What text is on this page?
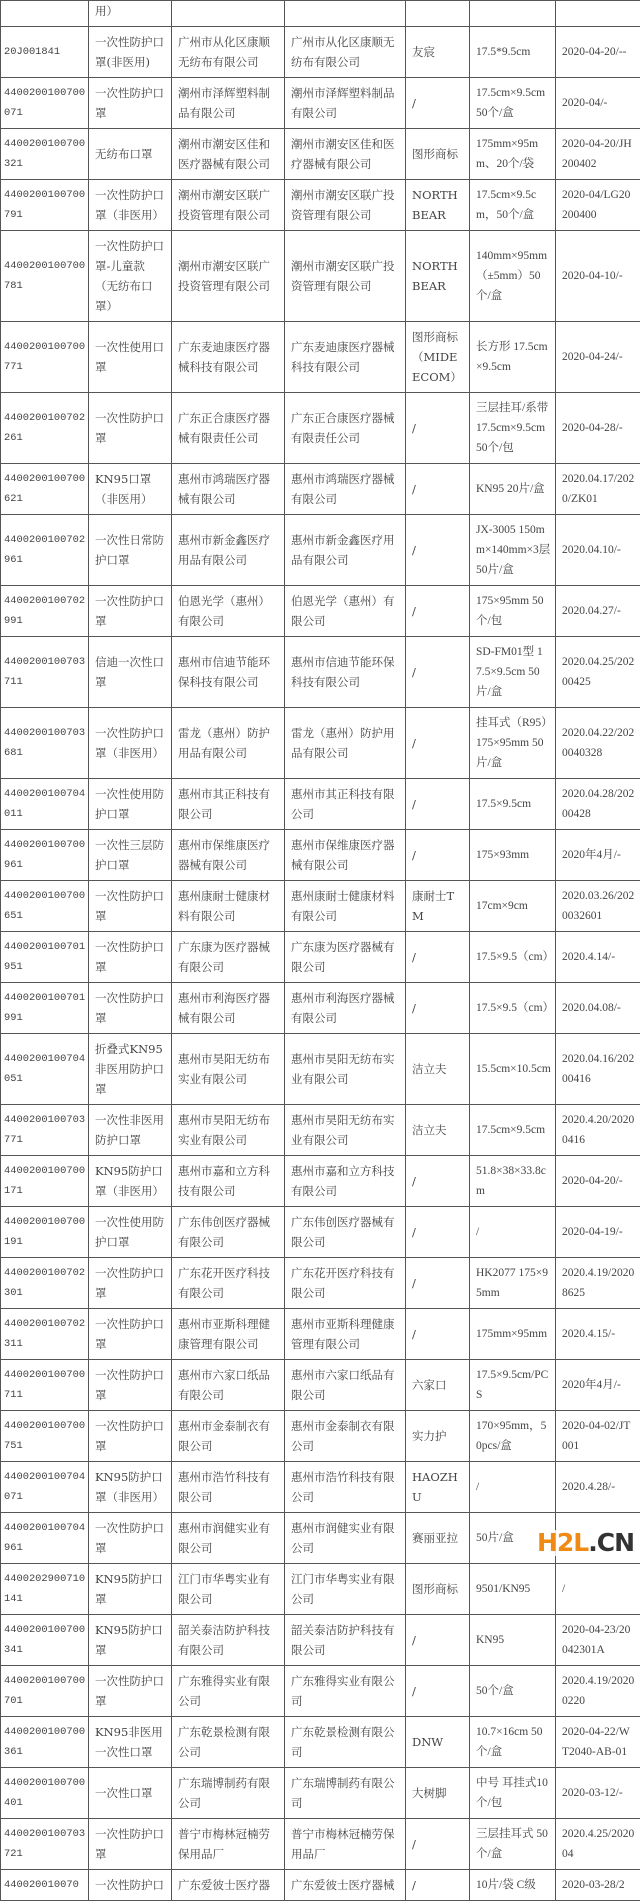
	用）					
20J001841	一次性防护口罩(非医用)	广州市从化区康顺无纺布有限公司	广州市从化区康顺无纺布有限公司	友宸	17.5*9.5cm	2020-04-20/--
4400200100700071	一次性防护口罩	潮州市泽辉塑料制品有限公司	潮州市泽辉塑料制品有限公司	/	17.5cm×9.5cm 50个/盒	2020-04/-
4400200100700321	无纺布口罩	潮州市潮安区佳和医疗器械有限公司	潮州市潮安区佳和医疗器械有限公司	图形商标	175mm×95mm、20个/袋	2020-04-20/JH200402
4400200100700791	一次性防护口罩（非医用）	潮州市潮安区联广投资管理有限公司	潮州市潮安区联广投资管理有限公司	NORTHBEAR	17.5cm×9.5cm，50个/盒	2020-04/LG20200400
4400200100700781	一次性防护口罩-儿童款（无纺布口罩）	潮州市潮安区联广投资管理有限公司	潮州市潮安区联广投资管理有限公司	NORTHBEAR	140mm×95mm（±5mm）50个/盒	2020-04-10/-
4400200100700771	一次性使用口罩	广东麦迪康医疗器械科技有限公司	广东麦迪康医疗器械科技有限公司	图形商标（MIDEECOM）	长方形 17.5cm×9.5cm	2020-04-24/-
4400200100702261	一次性防护口罩	广东正合康医疗器械有限责任公司	广东正合康医疗器械有限责任公司	/	三层挂耳/系带 17.5cm×9.5cm 50个/包	2020-04-28/-
4400200100700621	KN95口罩（非医用）	惠州市鸿瑞医疗器械有限公司	惠州市鸿瑞医疗器械有限公司	/	KN95 20片/盒	2020.04.17/2020/ZK01
4400200100702961	一次性日常防护口罩	惠州市新金鑫医疗用品有限公司	惠州市新金鑫医疗用品有限公司	/	JX-3005 150mm×140mm×3层 50片/盒	2020.04.10/-
4400200100702991	一次性防护口罩	伯恩光学（惠州）有限公司	伯恩光学（惠州）有限公司	/	175×95mm 50个/包	2020.04.27/-
4400200100703711	信迪一次性口罩	惠州市信迪节能环保科技有限公司	惠州市信迪节能环保科技有限公司	/	SD-FM01型 17.5×9.5cm 50片/盒	2020.04.25/20200425
4400200100703681	一次性防护口罩（非医用）	雷龙（惠州）防护用品有限公司	雷龙（惠州）防护用品有限公司	/	挂耳式（R95）175×95mm 50片/盒	2020.04.22/2020040328
4400200100704011	一次性使用防护口罩	惠州市其正科技有限公司	惠州市其正科技有限公司	/	17.5×9.5cm	2020.04.28/20200428
4400200100700961	一次性三层防护口罩	惠州市保维康医疗器械有限公司	惠州市保维康医疗器械有限公司	/	175×93mm	2020年4月/-
4400200100700651	一次性防护口罩	惠州康耐士健康材料有限公司	惠州康耐士健康材料有限公司	康耐士TM	17cm×9cm	2020.03.26/2020032601
4400200100701951	一次性防护口罩	广东康为医疗器械有限公司	广东康为医疗器械有限公司	/	17.5×9.5（cm）	2020.4.14/-
4400200100701991	一次性防护口罩	惠州市利海医疗器械有限公司	惠州市利海医疗器械有限公司	/	17.5×9.5（cm）	2020.04.08/-
4400200100704051	折叠式KN95非医用防护口罩	惠州市昊阳无纺布实业有限公司	惠州市昊阳无纺布实业有限公司	洁立夫	15.5cm×10.5cm	2020.04.16/20200416
4400200100703771	一次性非医用防护口罩	惠州市昊阳无纺布实业有限公司	惠州市昊阳无纺布实业有限公司	洁立夫	17.5cm×9.5cm	2020.4.20/20200416
4400200100700171	KN95防护口罩（非医用）	惠州市嘉和立方科技有限公司	惠州市嘉和立方科技有限公司	/	51.8×38×33.8cm	2020-04-20/-
4400200100700191	一次性使用防护口罩	广东伟创医疗器械有限公司	广东伟创医疗器械有限公司	/	/	2020-04-19/-
4400200100702301	一次性防护口罩	广东花开医疗科技有限公司	广东花开医疗科技有限公司	/	HK2077 175×95mm	2020.4.19/20208625
4400200100702311	一次性防护口罩	惠州市亚斯科理健康管理有限公司	惠州市亚斯科理健康管理有限公司	/	175mm×95mm	2020.4.15/-
4400200100700711	一次性防护口罩	惠州市六家口纸品有限公司	惠州市六家口纸品有限公司	六家口	17.5×9.5cm/PCS	2020年4月/-
4400200100700751	一次性防护口罩	惠州市金泰制衣有限公司	惠州市金泰制衣有限公司	实力护	170×95mm，50pcs/盒	2020-04-02/JT001
4400200100704071	KN95防护口罩（非医用）	惠州市浩竹科技有限公司	惠州市浩竹科技有限公司	HAOZHU	/	2020.4.28/-
4400200100704961	一次性防护口罩	惠州市润健实业有限公司	惠州市润健实业有限公司	赛丽亚拉	50片/盒	
4400202900710141	KN95防护口罩	江门市华粤实业有限公司	江门市华粤实业有限公司	图形商标	9501/KN95	/
4400200100700341	KN95防护口罩	韶关泰洁防护科技有限公司	韶关泰洁防护科技有限公司	/	KN95	2020-04-23/20042301A
4400200100700701	一次性防护口罩	广东雅得实业有限公司	广东雅得实业有限公司	/	50个/盒	2020.4.19/20200220
4400200100700361	KN95非医用一次性口罩	广东乾景检测有限公司	广东乾景检测有限公司	DNW	10.7×16cm 50个/盒	2020-04-22/WT2040-AB-01
4400200100700401	一次性口罩	广东瑞博制药有限公司	广东瑞博制药有限公司	大树脚	中号 耳挂式10个/包	2020-03-12/-
4400200100703721	一次性防护口罩	普宁市梅林冠楠劳保用品厂	普宁市梅林冠楠劳保用品厂	/	三层挂耳式 50个/盒	2020.4.25/202004
440020010070	一次性防护口	广东爱彼士医疗器	广东爱彼士医疗器械	/	10片/袋 C级	2020-03-28/2
H2L.CN
